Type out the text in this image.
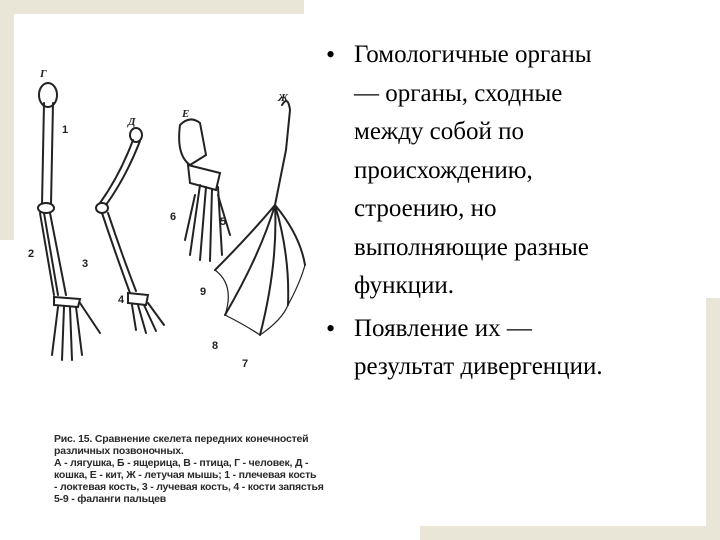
Г
Д
Е
Ж
1
2
3
4
5
6
7
8
9
Рис. 15. Сравнение скелета передних конечностей
различных позвоночных.
А - лягушка, Б - ящерица, В - птица, Г - человек, Д -
кошка, Е - кит, Ж - летучая мышь; 1 - плечевая кость
- локтевая кость, 3 - лучевая кость, 4 - кости запястья
5-9 - фаланги пальцев
• Гомологичные органы
— органы, сходные
между собой по
происхождению,
строению, но
выполняющие разные
функции.
• Появление их —
результат дивергенции.
